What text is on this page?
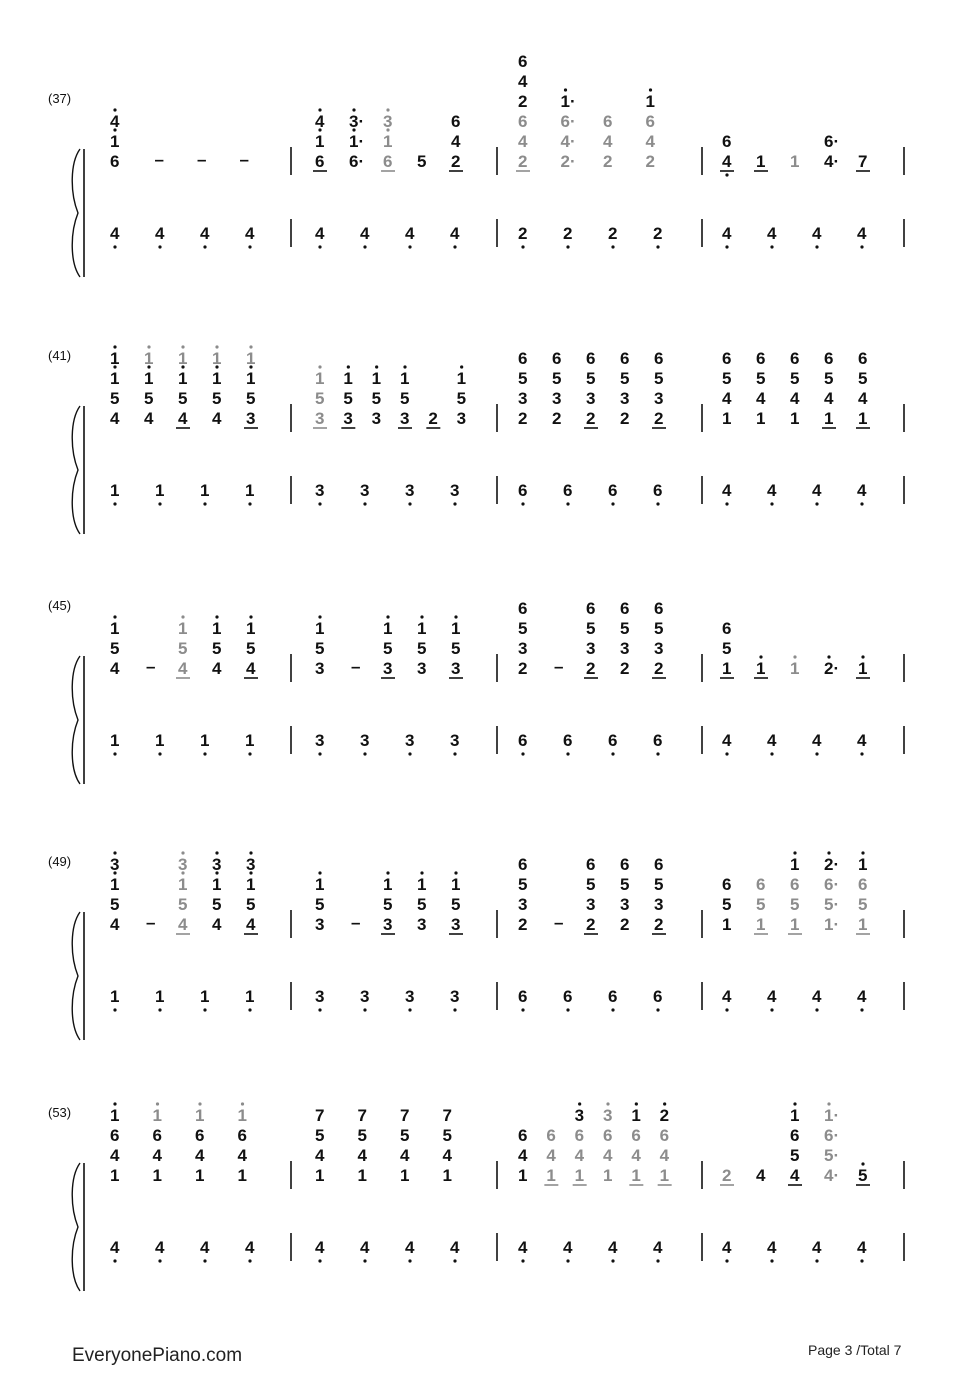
(37)
6
1
4
– – –
4 4 4 4
6
1
4
6·
1·
3·
6
1
3
5 2
4
6
4 4 4 4
2
4
6
2
4
6
2·
4·
6·
1·
2
4
6
2
4
6
1
2 2 2 2
4
6
1 1 4·
6·
7
4 4 4 4
(41)
4
5
1
1
4
5
1
1
4
5
1
1
4
5
1
1
3
5
1
1
1 1 1 1
3
5
1
3
5
1
3
5
1
3
5
1
2 3
5
1
3 3 3 3
2
3
5
6
2
3
5
6
2
3
5
6
2
3
5
6
2
3
5
6
6 6 6 6
1
4
5
6
1
4
5
6
1
4
5
6
1
4
5
6
1
4
5
6
4 4 4 4
(45)
4
5
1
– 4
5
1
4
5
1
4
5
1
1 1 1 1
3
5
1
– 3
5
1
3
5
1
3
5
1
3 3 3 3
2
3
5
6
– 2
3
5
6
2
3
5
6
2
3
5
6
6 6 6 6
1
5
6
1 1 2· 1
4 4 4 4
(49)
4
5
1
3
– 4
5
1
3
4
5
1
3
4
5
1
3
1 1 1 1
3
5
1
– 3
5
1
3
5
1
3
5
1
3 3 3 3
2
3
5
6
– 2
3
5
6
2
3
5
6
2
3
5
6
6 6 6 6
1
5
6
1
5
6
1
5
6
1
1·
5·
6·
2·
1
5
6
1
4 4 4 4
(53)
1
4
6
1
1
4
6
1
1
4
6
1
1
4
6
1
4 4 4 4
1
4
5
7
1
4
5
7
1
4
5
7
1
4
5
7
4 4 4 4
1
4
6
1
4
6
1
4
6
3
1
4
6
3
1
4
6
1
1
4
6
2
4 4 4 4
2 4 4
5
6
1
4·
5·
6·
1·
5
4 4 4 4
EveryonePiano.com	Page 3 /Total 7
